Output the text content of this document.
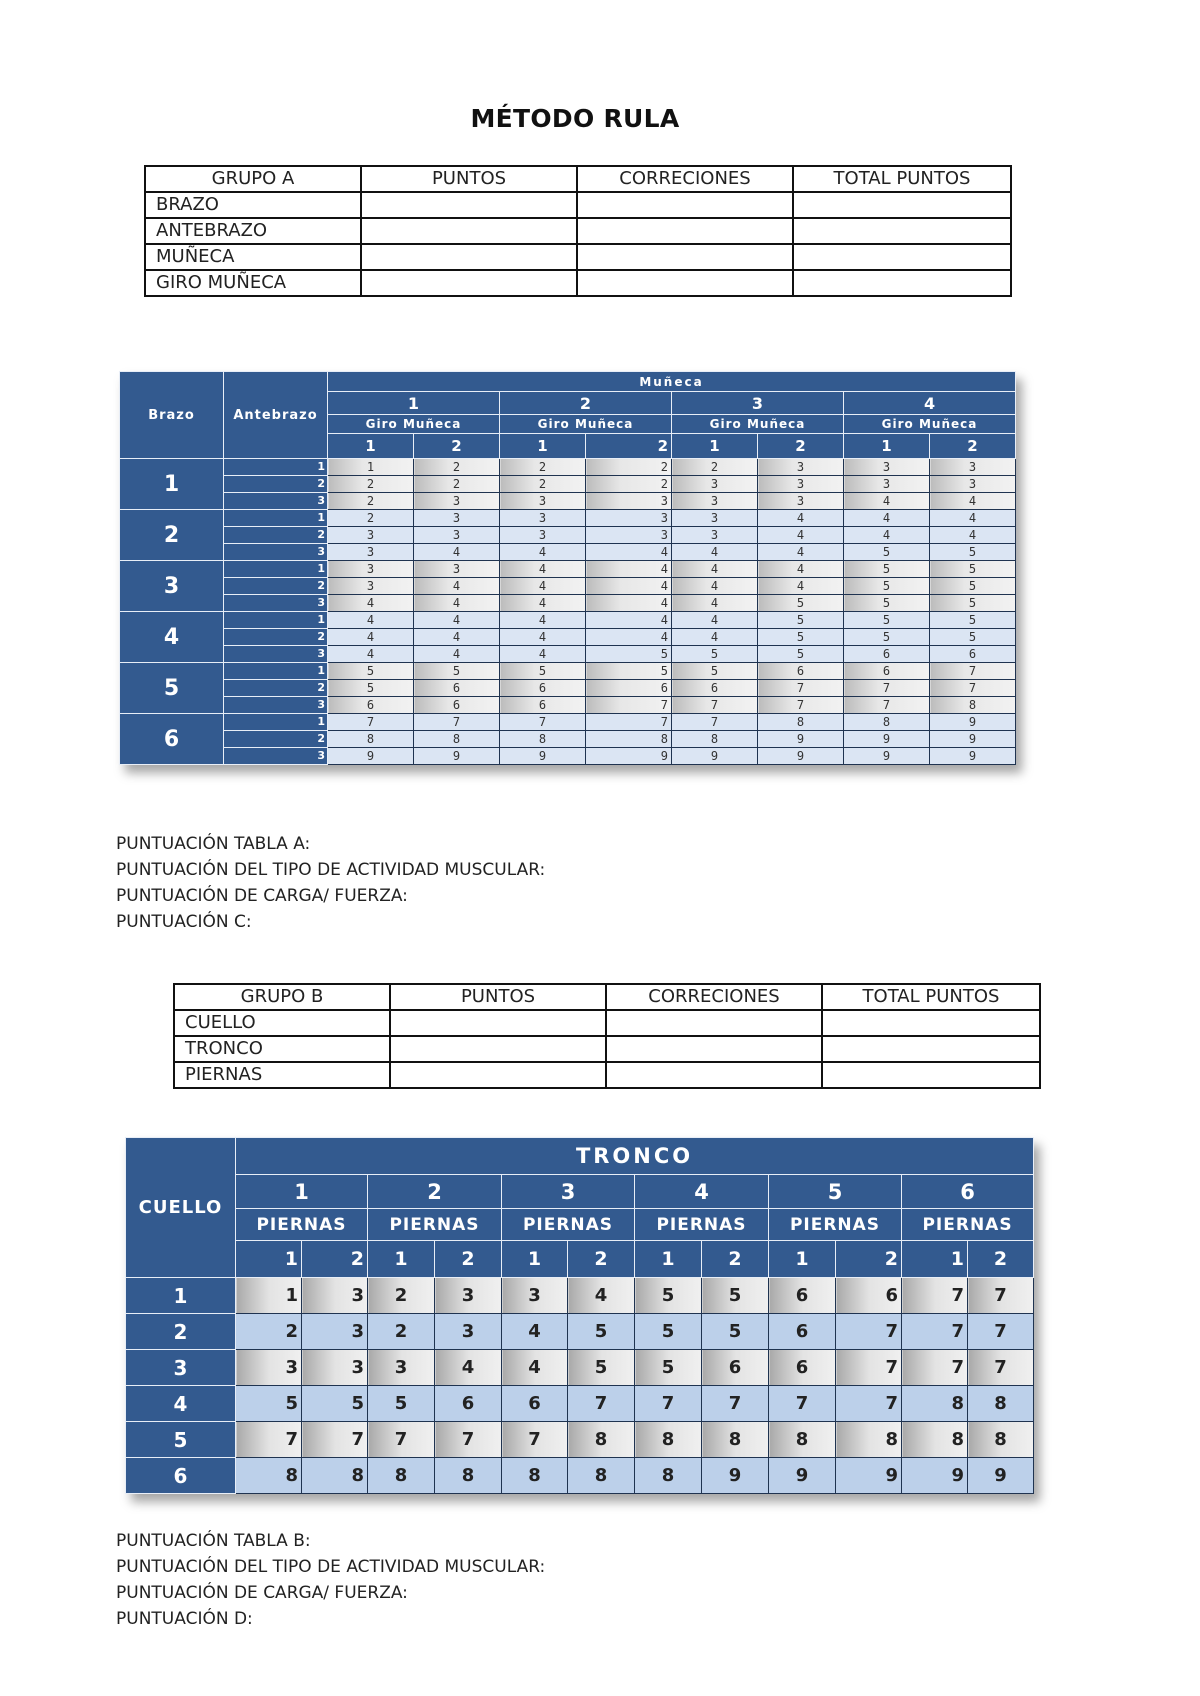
MÉTODO RULA
GRUPO A	PUNTOS	CORRECIONES	TOTAL PUNTOS
BRAZO			
ANTEBRAZO			
MUÑECA			
GIRO MUÑECA			
Brazo	Antebrazo	Muñeca							
		1		2		3		4	
		Giro Muñeca		Giro Muñeca		Giro Muñeca		Giro Muñeca	
		1	2	1	2	1	2	1	2
1	1	1	2	2	2	2	3	3	3
	2	2	2	2	2	3	3	3	3
	3	2	3	3	3	3	3	4	4
2	1	2	3	3	3	3	4	4	4
	2	3	3	3	3	3	4	4	4
	3	3	4	4	4	4	4	5	5
3	1	3	3	4	4	4	4	5	5
	2	3	4	4	4	4	4	5	5
	3	4	4	4	4	4	5	5	5
4	1	4	4	4	4	4	5	5	5
	2	4	4	4	4	4	5	5	5
	3	4	4	4	5	5	5	6	6
5	1	5	5	5	5	5	6	6	7
	2	5	6	6	6	6	7	7	7
	3	6	6	6	7	7	7	7	8
6	1	7	7	7	7	7	8	8	9
	2	8	8	8	8	8	9	9	9
	3	9	9	9	9	9	9	9	9
PUNTUACIÓN TABLA A:
PUNTUACIÓN DEL TIPO DE ACTIVIDAD MUSCULAR:
PUNTUACIÓN DE CARGA/ FUERZA:
PUNTUACIÓN C:
GRUPO B	PUNTOS	CORRECIONES	TOTAL PUNTOS
CUELLO			
TRONCO			
PIERNAS			
CUELLO	TRONCO											
	1		2		3		4		5		6	
	PIERNAS		PIERNAS		PIERNAS		PIERNAS		PIERNAS		PIERNAS	
	1	2	1	2	1	2	1	2	1	2	1	2
1	1	3	2	3	3	4	5	5	6	6	7	7
2	2	3	2	3	4	5	5	5	6	7	7	7
3	3	3	3	4	4	5	5	6	6	7	7	7
4	5	5	5	6	6	7	7	7	7	7	8	8
5	7	7	7	7	7	8	8	8	8	8	8	8
6	8	8	8	8	8	8	8	9	9	9	9	9
PUNTUACIÓN TABLA B:
PUNTUACIÓN DEL TIPO DE ACTIVIDAD MUSCULAR:
PUNTUACIÓN DE CARGA/ FUERZA:
PUNTUACIÓN D:
